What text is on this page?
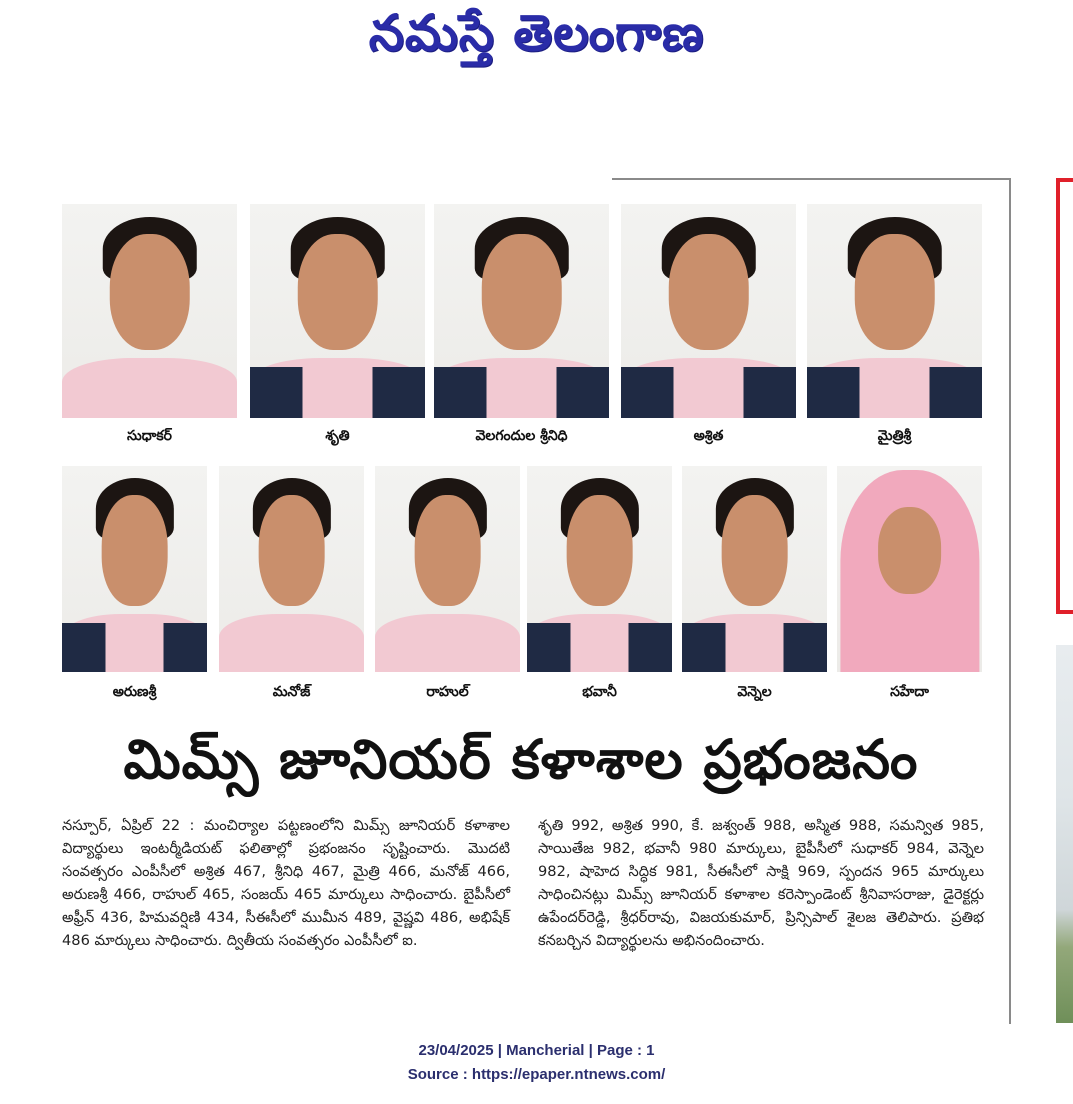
నమస్తే తెలంగాణ
సుధాకర్	శృతి	వెలగందుల శ్రీనిధి	అశ్రిత	మైత్రిశ్రీ
అరుణశ్రీ	మనోజ్	రాహుల్	భవానీ	వెన్నెల	సహేదా
మిమ్స్ జూనియర్ కళాశాల ప్రభంజనం

నస్పూర్, ఏప్రిల్ 22 : మంచిర్యాల పట్టణంలోని మిమ్స్ జూనియర్ కళాశాల విద్యార్థులు ఇంటర్మీడియట్ ఫలితాల్లో ప్రభంజనం సృష్టించారు. మొదటి సంవత్సరం ఎంపీసీలో అశ్రిత 467, శ్రీనిధి 467, మైత్రి 466, మనోజ్ 466, అరుణశ్రీ 466, రాహుల్ 465, సంజయ్ 465 మార్కులు సాధించారు. బైపీసీలో అఫ్రీన్ 436, హిమవర్షిణి 434, సీఈసీలో ముమీన 489, వైష్ణవి 486, అభిషేక్ 486 మార్కులు సాధించారు. ద్వితీయ సంవత్సరం ఎంపీసీలో ఐ.

శృతి 992, అశ్రిత 990, కే. జశ్వంత్ 988, అస్మిత 988, సమన్విత 985, సాయితేజ 982, భవానీ 980 మార్కులు, బైపీసీలో సుధాకర్ 984, వెన్నెల 982, షాహెద సిద్ధిక 981, సీఈసీలో సాక్షి 969, స్పందన 965 మార్కులు సాధించినట్లు మిమ్స్ జూనియర్ కళాశాల కరెస్పాండెంట్ శ్రీనివాసరాజు, డైరెక్టర్లు ఉపేందర్‌రెడ్డి, శ్రీధర్‌రావు, విజయకుమార్, ప్రిన్సిపాల్ శైలజ తెలిపారు. ప్రతిభ కనబర్చిన విద్యార్థులను అభినందించారు.

23/04/2025 | Mancherial | Page : 1
Source : https://epaper.ntnews.com/
